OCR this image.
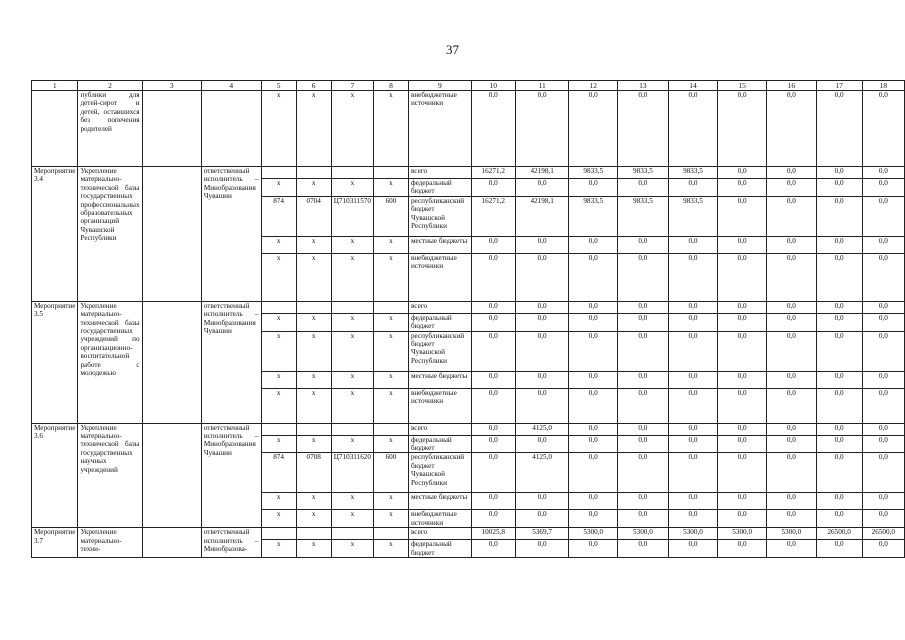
37
1	2	3	4	5	6	7	8	9	10	11	12	13	14	15	16	17	18
	публики для детей-сирот и детей, оставшихся без попечения родителей			x	x	x	x	внебюджетные источники	0,0	0,0	0,0	0,0	0,0	0,0	0,0	0,0	0,0
Мероприятие 3.4	Укрепление материально-технической базы государственных профессиональных образовательных организаций Чувашской Республики		ответственный исполнитель – Минобразования Чувашии					всего	16271,2	42198,1	9833,5	9833,5	9833,5	0,0	0,0	0,0	0,0
				x	x	x	x	федеральный бюджет	0,0	0,0	0,0	0,0	0,0	0,0	0,0	0,0	0,0
				874	0704	Ц710311570	600	республиканский бюджет Чувашской Республики	16271,2	42198,1	9833,5	9833,5	9833,5	0,0	0,0	0,0	0,0
				x	x	x	x	местные бюджеты	0,0	0,0	0,0	0,0	0,0	0,0	0,0	0,0	0,0
				x	x	x	x	внебюджетные источники	0,0	0,0	0,0	0,0	0,0	0,0	0,0	0,0	0,0
Мероприятие 3.5	Укрепление материально-технической базы государственных учреждений по организационно-воспитательной работе с молодежью		ответственный исполнитель – Минобразования Чувашии					всего	0,0	0,0	0,0	0,0	0,0	0,0	0,0	0,0	0,0
				x	x	x	x	федеральный бюджет	0,0	0,0	0,0	0,0	0,0	0,0	0,0	0,0	0,0
				x	x	x	x	республиканский бюджет Чувашской Республики	0,0	0,0	0,0	0,0	0,0	0,0	0,0	0,0	0,0
				x	x	x	x	местные бюджеты	0,0	0,0	0,0	0,0	0,0	0,0	0,0	0,0	0,0
				x	x	x	x	внебюджетные источники	0,0	0,0	0,0	0,0	0,0	0,0	0,0	0,0	0,0
Мероприятие 3.6	Укрепление материально-технической базы государственных научных учреждений		ответственный исполнитель – Минобразования Чувашии					всего	0,0	4125,0	0,0	0,0	0,0	0,0	0,0	0,0	0,0
				x	x	x	x	федеральный бюджет	0,0	0,0	0,0	0,0	0,0	0,0	0,0	0,0	0,0
				874	0708	Ц710311620	600	республиканский бюджет Чувашской Республики	0,0	4125,0	0,0	0,0	0,0	0,0	0,0	0,0	0,0
				x	x	x	x	местные бюджеты	0,0	0,0	0,0	0,0	0,0	0,0	0,0	0,0	0,0
				x	x	x	x	внебюджетные источники	0,0	0,0	0,0	0,0	0,0	0,0	0,0	0,0	0,0
Мероприятие 3.7	Укрепление материально-техни-		ответственный исполнитель – Минобразова-					всего	10025,8	5369,7	5300,0	5300,0	5300,0	5300,0	5300,0	26500,0	26500,0
				x	x	x	x	федеральный бюджет	0,0	0,0	0,0	0,0	0,0	0,0	0,0	0,0	0,0
